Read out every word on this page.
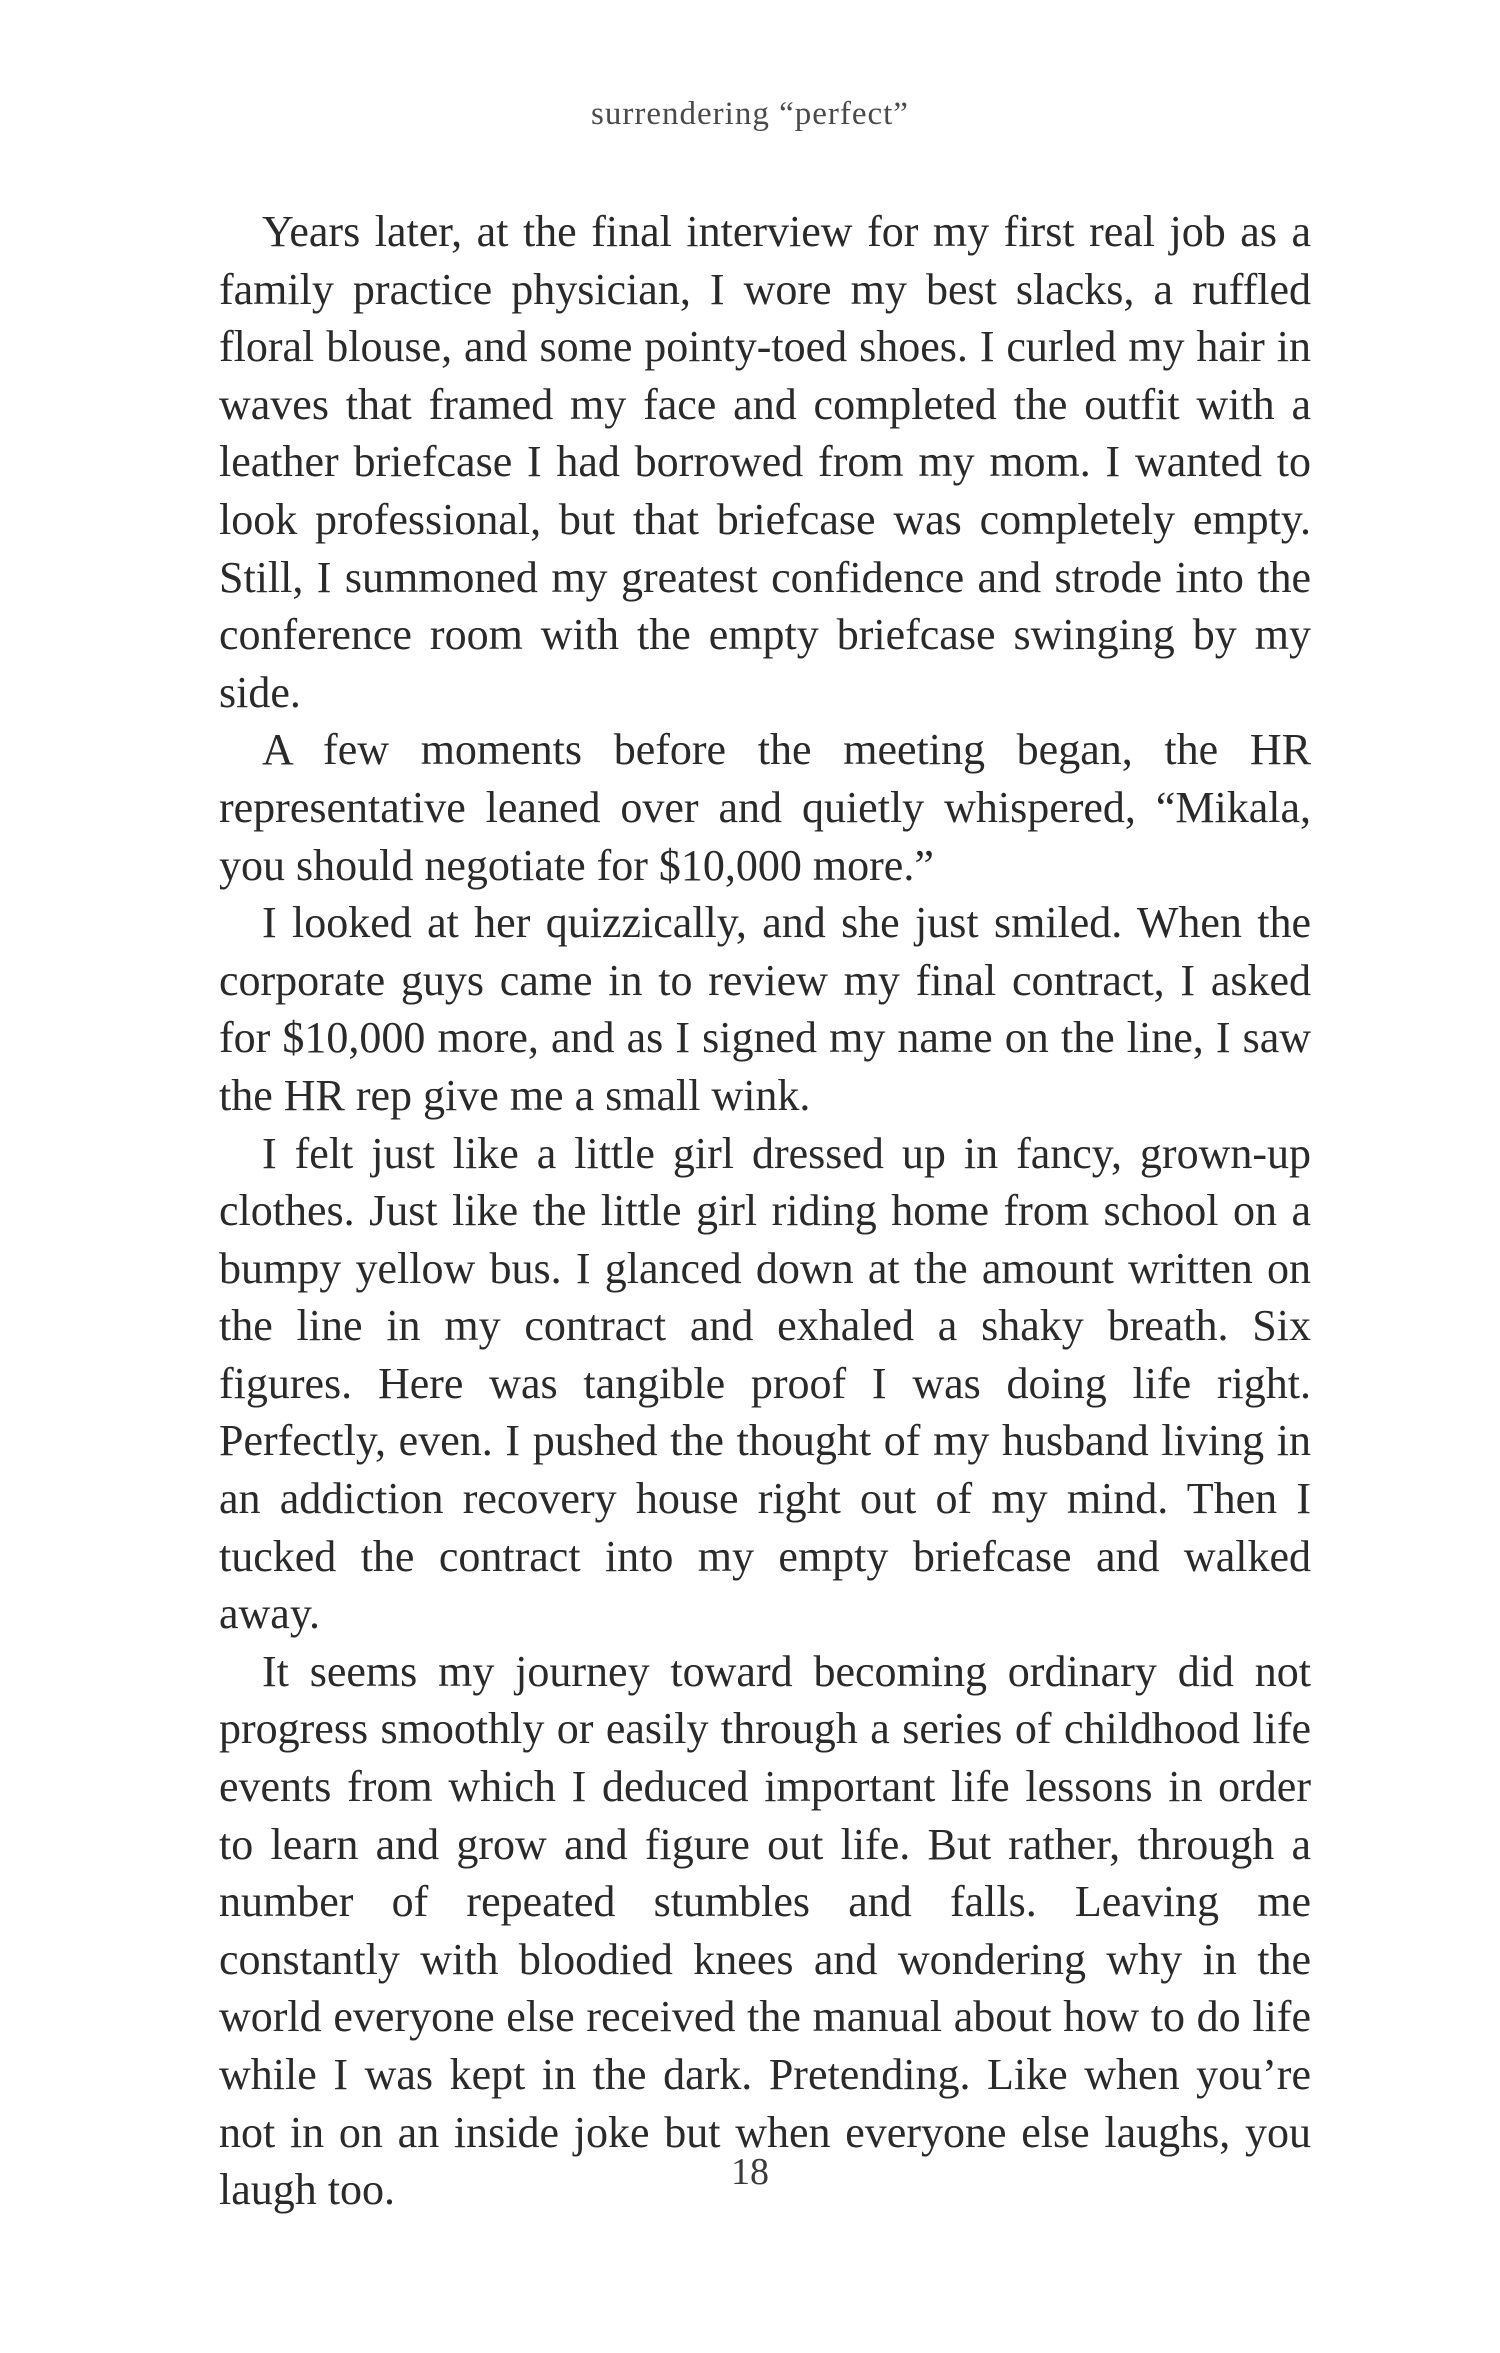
surrendering “perfect”

Years later, at the final interview for my first real job as a family practice physician, I wore my best slacks, a ruffled floral blouse, and some pointy-toed shoes. I curled my hair in waves that framed my face and completed the outfit with a leather briefcase I had borrowed from my mom. I wanted to look professional, but that briefcase was completely empty. Still, I summoned my greatest confidence and strode into the conference room with the empty briefcase swinging by my side.

A few moments before the meeting began, the HR representative leaned over and quietly whispered, “Mikala, you should negotiate for $10,000 more.”

I looked at her quizzically, and she just smiled. When the corporate guys came in to review my final contract, I asked for $10,000 more, and as I signed my name on the line, I saw the HR rep give me a small wink.

I felt just like a little girl dressed up in fancy, grown-up clothes. Just like the little girl riding home from school on a bumpy yellow bus. I glanced down at the amount written on the line in my contract and exhaled a shaky breath. Six figures. Here was tangible proof I was doing life right. Perfectly, even. I pushed the thought of my husband living in an addiction recovery house right out of my mind. Then I tucked the contract into my empty briefcase and walked away.

It seems my journey toward becoming ordinary did not progress smoothly or easily through a series of childhood life events from which I deduced important life lessons in order to learn and grow and figure out life. But rather, through a number of repeated stumbles and falls. Leaving me constantly with bloodied knees and wondering why in the world everyone else received the manual about how to do life while I was kept in the dark. Pretending. Like when you’re not in on an inside joke but when everyone else laughs, you laugh too.	18
